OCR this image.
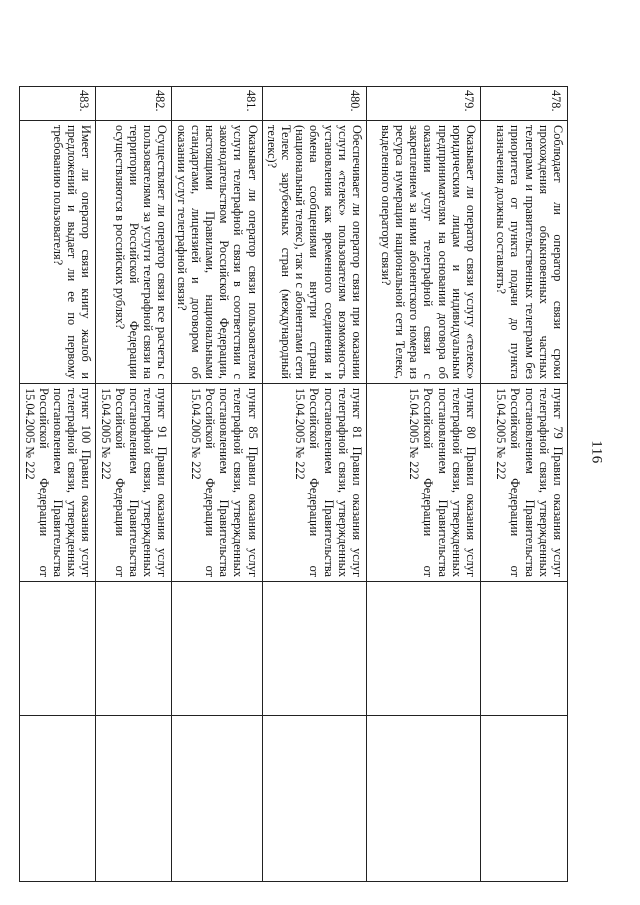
116
478.	Соблюдает ли оператор связи сроки прохождения обыкновенных частных телеграмм и правительственных телеграмм без приоритета от пункта подачи до пункта назначения должны составлять?	пункт 79 Правил оказания услуг телеграфной связи, утвержденных постановлением Правительства Российской Федерации от 15.04.2005 № 222		
479.	Оказывает ли оператор связи услугу «телекс» юридическим лицам и индивидуальным предпринимателям на основании договора об оказании услуг телеграфной связи с закреплением за ними абонентского номера из ресурса нумерации национальной сети Телекс, выделенного оператору связи?	пункт 80 Правил оказания услуг телеграфной связи, утвержденных постановлением Правительства Российской Федерации от 15.04.2005 № 222		
480.	Обеспечивает ли оператор связи при оказании услуги «телекс» пользователям возможность установления как временного соединения и обмена сообщениями внутри страны (национальный телекс), так и с абонентами сети Телекс зарубежных стран (международный телекс)?	пункт 81 Правил оказания услуг телеграфной связи, утвержденных постановлением Правительства Российской Федерации от 15.04.2005 № 222		
481.	Оказывает ли оператор связи пользователям услуги телеграфной связи в соответствии с законодательством Российской Федерации, настоящими Правилами, национальными стандартами, лицензией и договором об оказании услуг телеграфной связи?	пункт 85 Правил оказания услуг телеграфной связи, утвержденных постановлением Правительства Российской Федерации от 15.04.2005 № 222		
482.	Осуществляет ли оператор связи все расчеты с пользователями за услуги телеграфной связи на территории Российской Федерации осуществляются в российских рублях?	пункт 91 Правил оказания услуг телеграфной связи, утвержденных постановлением Правительства Российской Федерации от 15.04.2005 № 222		
483.	Имеет ли оператор связи книгу жалоб и предложений и выдает ли ее по первому требованию пользователя?	пункт 100 Правил оказания услуг телеграфной связи, утвержденных постановлением Правительства Российской Федерации от 15.04.2005 № 222		
